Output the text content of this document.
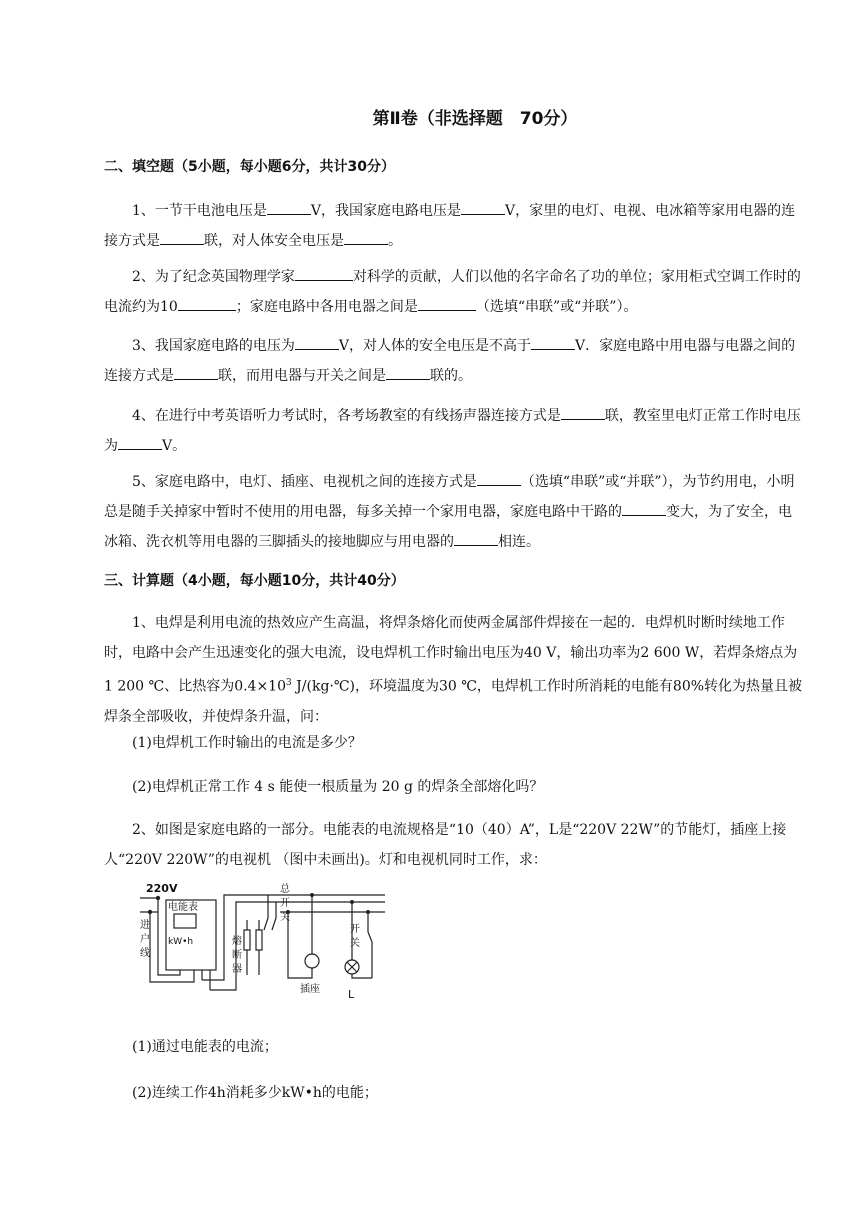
第Ⅱ卷（非选择题　70分）
二、填空题（5小题，每小题6分，共计30分）
1、一节干电池电压是	V，我国家庭电路电压是	V，家里的电灯、电视、电冰箱等家用电器的连接方式是	联，对人体安全电压是	。
2、为了纪念英国物理学家	对科学的贡献，人们以他的名字命名了功的单位；家用柜式空调工作时的电流约为10	；家庭电路中各用电器之间是	（选填“串联”或“并联”）。
3、我国家庭电路的电压为	V，对人体的安全电压是不高于	V．家庭电路中用电器与电器之间的连接方式是	联，而用电器与开关之间是	联的。
4、在进行中考英语听力考试时，各考场教室的有线扬声器连接方式是	联，教室里电灯正常工作时电压为	V。
5、家庭电路中，电灯、插座、电视机之间的连接方式是	（选填“串联”或“并联”），为节约用电，小明总是随手关掉家中暂时不使用的用电器，每多关掉一个家用电器，家庭电路中干路的	变大，为了安全，电冰箱、洗衣机等用电器的三脚插头的接地脚应与用电器的	相连。
三、计算题（4小题，每小题10分，共计40分）
1、电焊是利用电流的热效应产生高温，将焊条熔化而使两金属部件焊接在一起的．电焊机时断时续地工作时，电路中会产生迅速变化的强大电流，设电焊机工作时输出电压为40 V，输出功率为2 600 W，若焊条熔点为1 200 ℃、比热容为$0.4\times 10^3$ J/(kg·℃)，环境温度为30 ℃，电焊机工作时所消耗的电能有80%转化为热量且被焊条全部吸收，并使焊条升温，问：
(1)电焊机工作时输出的电流是多少？
(2)电焊机正常工作 4 s 能使一根质量为 20 g 的焊条全部熔化吗？
2、如图是家庭电路的一部分。电能表的电流规格是“10（40）A”，L是“220V 22W”的节能灯，插座上接人“220V 220W”的电视机 （图中未画出)。灯和电视机同时工作，求：
220V
电能表
kW•h
进
户
线
总
开
关
熔
断
器
开
关
插座	L
(1)通过电能表的电流；
(2)连续工作4h消耗多少kW•h的电能；
